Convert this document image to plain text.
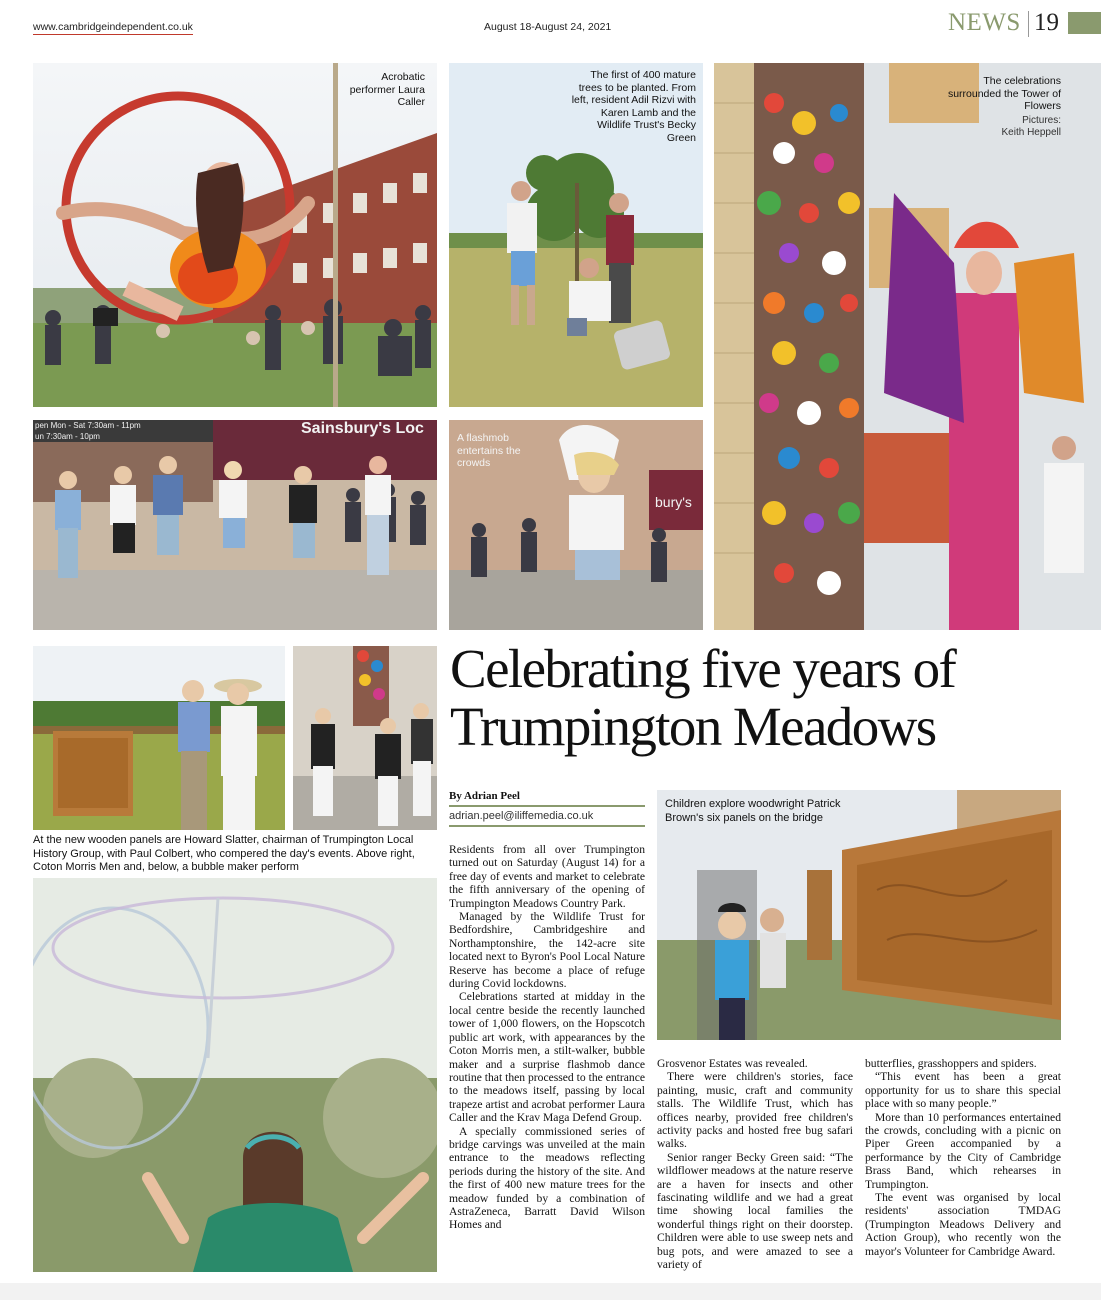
www.cambridgeindependent.co.uk	August 18-August 24, 2021	NEWS 19
Acrobatic performer Laura Caller
The first of 400 mature trees to be planted. From left, resident Adil Rizvi with Karen Lamb and the Wildlife Trust's Becky Green
The celebrations surrounded the Tower of Flowers
Pictures:
Keith Heppell
pen Mon - Sat 7:30am - 11pm
un 7:30am - 10pm	Sainsbury's Loc
A flashmob entertains the crowds
bury's
At the new wooden panels are Howard Slatter, chairman of Trumpington Local History Group, with Paul Colbert, who compered the day's events. Above right, Coton Morris Men and, below, a bubble maker perform
Children explore woodwright Patrick Brown's six panels on the bridge
Celebrating five years of Trumpington Meadows
By Adrian Peel
adrian.peel@iliffemedia.co.uk

Residents from all over Trumpington turned out on Saturday (August 14) for a free day of events and market to celebrate the fifth anniversary of the opening of Trumpington Meadows Country Park.

Managed by the Wildlife Trust for Bedfordshire, Cambridgeshire and Northamptonshire, the 142-acre site located next to Byron's Pool Local Nature Reserve has become a place of refuge during Covid lockdowns.

Celebrations started at midday in the local centre beside the recently launched tower of 1,000 flowers, on the Hopscotch public art work, with appearances by the Coton Morris men, a stilt-walker, bubble maker and a surprise flashmob dance routine that then processed to the entrance to the meadows itself, passing by local trapeze artist and acrobat performer Laura Caller and the Krav Maga Defend Group.

A specially commissioned series of bridge carvings was unveiled at the main entrance to the meadows reflecting periods during the history of the site. And the first of 400 new mature trees for the meadow funded by a combination of AstraZeneca, Barratt David Wilson Homes and

Grosvenor Estates was revealed.

There were children's stories, face painting, music, craft and community stalls. The Wildlife Trust, which has offices nearby, provided free children's activity packs and hosted free bug safari walks.

Senior ranger Becky Green said: “The wildflower meadows at the nature reserve are a haven for insects and other fascinating wildlife and we had a great time showing local families the wonderful things right on their doorstep. Children were able to use sweep nets and bug pots, and were amazed to see a variety of

butterflies, grasshoppers and spiders.

“This event has been a great opportunity for us to share this special place with so many people.”

More than 10 performances entertained the crowds, concluding with a picnic on Piper Green accompanied by a performance by the City of Cambridge Brass Band, which rehearses in Trumpington.

The event was organised by local residents' association TMDAG (Trumpington Meadows Delivery and Action Group), who recently won the mayor's Volunteer for Cambridge Award.
